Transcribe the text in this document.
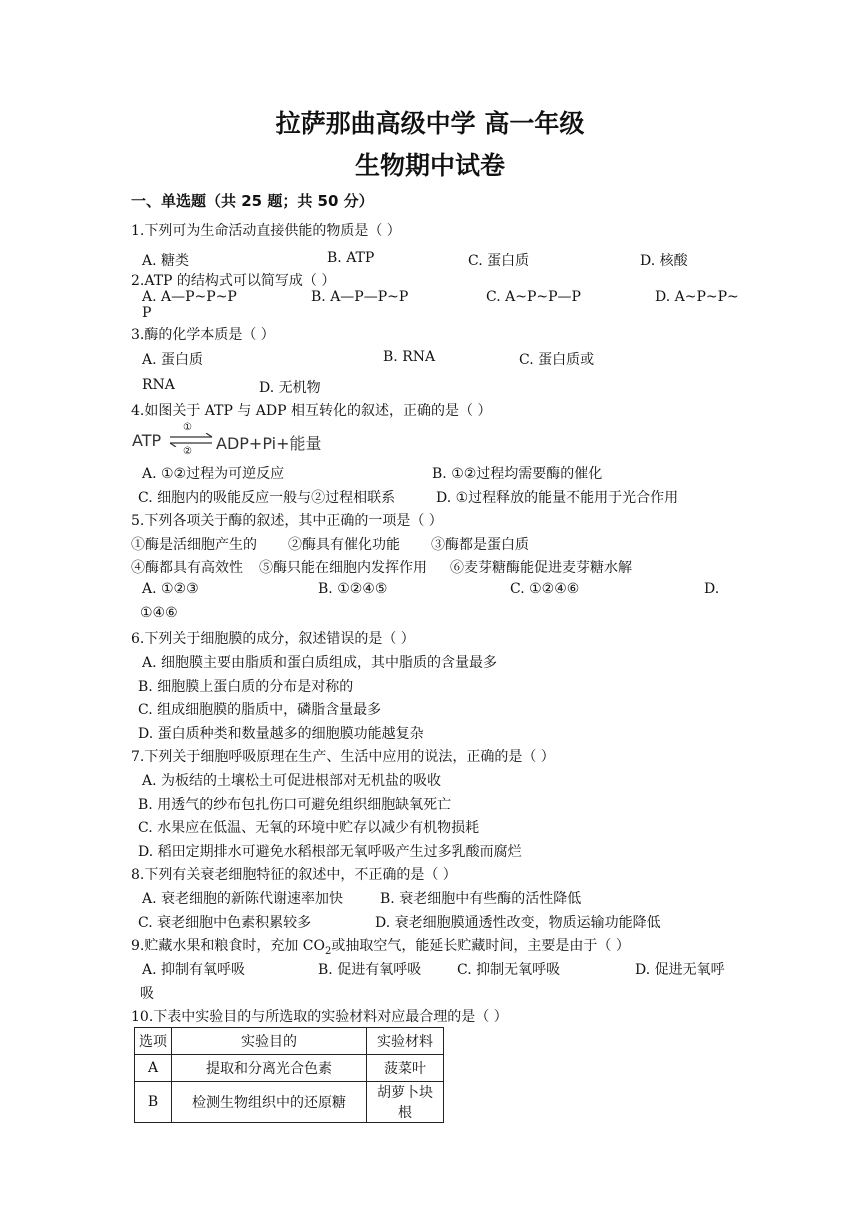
拉萨那曲高级中学 高一年级
生物期中试卷
一、单选题（共 25 题；共 50 分）
1.下列可为生命活动直接供能的物质是（ ）
A. 糖类	B. ATP	C. 蛋白质	D. 核酸
2.ATP 的结构式可以简写成（ ）
A. A—P~P~P	B. A—P—P~P	C. A~P~P—P	D. A~P~P~
P
3.酶的化学本质是（ ）
A. 蛋白质	B. RNA	C. 蛋白质或
RNA	D. 无机物
4.如图关于 ATP 与 ADP 相互转化的叙述，正确的是（ ）
ATP
①
② ⇌ ADP+Pi+能量
A. ①②过程为可逆反应	B. ①②过程均需要酶的催化
C. 细胞内的吸能反应一般与②过程相联系	D. ①过程释放的能量不能用于光合作用
5.下列各项关于酶的叙述，其中正确的一项是（ ）
①酶是活细胞产生的 ②酶具有催化功能 ③酶都是蛋白质
④酶都具有高效性 ⑤酶只能在细胞内发挥作用 ⑥麦芽糖酶能促进麦芽糖水解
A. ①②③	B. ①②④⑤	C. ①②④⑥	D.
①④⑥
6.下列关于细胞膜的成分，叙述错误的是（ ）
A. 细胞膜主要由脂质和蛋白质组成，其中脂质的含量最多
B. 细胞膜上蛋白质的分布是对称的
C. 组成细胞膜的脂质中，磷脂含量最多
D. 蛋白质种类和数量越多的细胞膜功能越复杂
7.下列关于细胞呼吸原理在生产、生活中应用的说法，正确的是（ ）
A. 为板结的土壤松土可促进根部对无机盐的吸收
B. 用透气的纱布包扎伤口可避免组织细胞缺氧死亡
C. 水果应在低温、无氧的环境中贮存以减少有机物损耗
D. 稻田定期排水可避免水稻根部无氧呼吸产生过多乳酸而腐烂
8.下列有关衰老细胞特征的叙述中，不正确的是（ ）
A. 衰老细胞的新陈代谢速率加快	B. 衰老细胞中有些酶的活性降低
C. 衰老细胞中色素积累较多	D. 衰老细胞膜通透性改变，物质运输功能降低
9.贮藏水果和粮食时，充加 $CO_2$或抽取空气，能延长贮藏时间，主要是由于（ ）
A. 抑制有氧呼吸	B. 促进有氧呼吸	C. 抑制无氧呼吸	D. 促进无氧呼
吸
10.下表中实验目的与所选取的实验材料对应最合理的是（ ）
选项	实验目的	实验材料
A	提取和分离光合色素	菠菜叶
B	检测生物组织中的还原糖	胡萝卜块根
